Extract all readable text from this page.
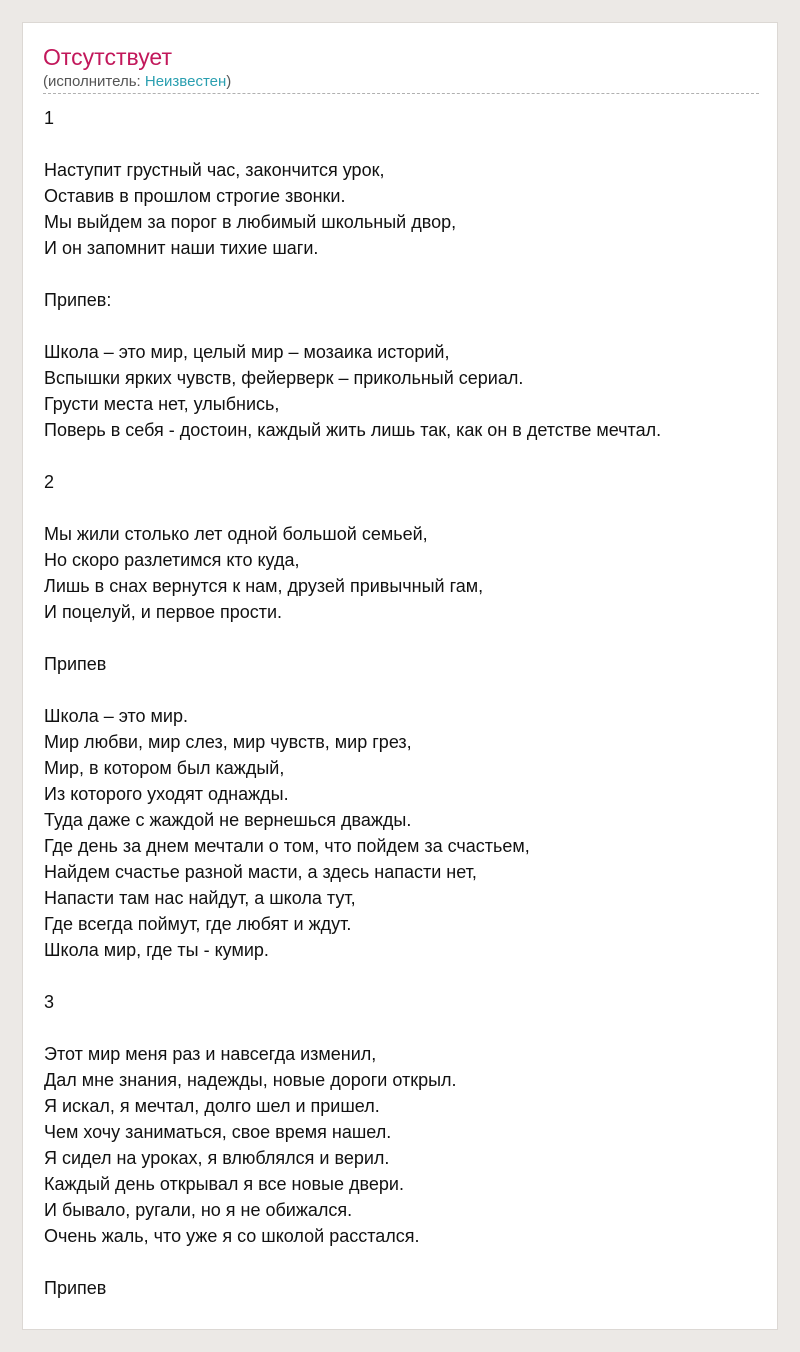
Отсутствует
(исполнитель: Неизвестен)
1
Наступит грустный час, закончится урок,
Оставив в прошлом строгие звонки.
Мы выйдем за порог в любимый школьный двор,
И он запомнит наши тихие шаги.
Припев:
Школа – это мир, целый мир – мозаика историй,
Вспышки ярких чувств, фейерверк – прикольный сериал.
Грусти места нет, улыбнись,
Поверь в себя - достоин, каждый жить лишь так, как он в детстве мечтал.
2
Мы жили столько лет одной большой семьей,
Но скоро разлетимся кто куда,
Лишь в снах вернутся к нам, друзей привычный гам,
И поцелуй, и первое прости.
Припев
Школа – это мир.
Мир любви, мир слез, мир чувств, мир грез,
Мир, в котором был каждый,
Из которого уходят однажды.
Туда даже с жаждой не вернешься дважды.
Где день за днем мечтали о том, что пойдем за счастьем,
Найдем счастье разной масти, а здесь напасти нет,
Напасти там нас найдут, а школа тут,
Где всегда поймут, где любят и ждут.
Школа мир, где ты - кумир.
3
Этот мир меня раз и навсегда изменил,
Дал мне знания, надежды, новые дороги открыл.
Я искал, я мечтал, долго шел и пришел.
Чем хочу заниматься, свое время нашел.
Я сидел на уроках, я влюблялся и верил.
Каждый день открывал я все новые двери.
И бывало, ругали, но я не обижался.
Очень жаль, что уже я со школой расстался.
Припев
